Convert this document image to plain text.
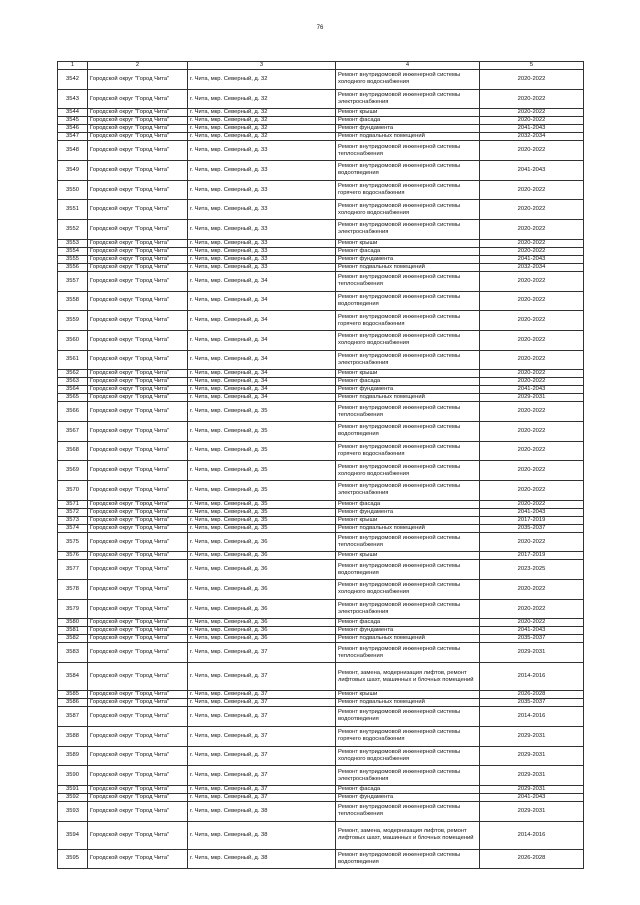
76
1	2	3	4	5
3542	Городской округ "Город Чита"	г. Чита, мкр. Северный, д. 32	Ремонт внутридомовой инженерной системы холодного водоснабжения	2020-2022
3543	Городской округ "Город Чита"	г. Чита, мкр. Северный, д. 32	Ремонт внутридомовой инженерной системы электроснабжения	2020-2022
3544	Городской округ "Город Чита"	г. Чита, мкр. Северный, д. 32	Ремонт крыши	2020-2022
3545	Городской округ "Город Чита"	г. Чита, мкр. Северный, д. 32	Ремонт фасада	2020-2022
3546	Городской округ "Город Чита"	г. Чита, мкр. Северный, д. 32	Ремонт фундамента	2041-2043
3547	Городской округ "Город Чита"	г. Чита, мкр. Северный, д. 32	Ремонт подвальных помещений	2032-2034
3548	Городской округ "Город Чита"	г. Чита, мкр. Северный, д. 33	Ремонт внутридомовой инженерной системы теплоснабжения	2020-2022
3549	Городской округ "Город Чита"	г. Чита, мкр. Северный, д. 33	Ремонт внутридомовой инженерной системы водоотведения	2041-2043
3550	Городской округ "Город Чита"	г. Чита, мкр. Северный, д. 33	Ремонт внутридомовой инженерной системы горячего водоснабжения	2020-2022
3551	Городской округ "Город Чита"	г. Чита, мкр. Северный, д. 33	Ремонт внутридомовой инженерной системы холодного водоснабжения	2020-2022
3552	Городской округ "Город Чита"	г. Чита, мкр. Северный, д. 33	Ремонт внутридомовой инженерной системы электроснабжения	2020-2022
3553	Городской округ "Город Чита"	г. Чита, мкр. Северный, д. 33	Ремонт крыши	2020-2022
3554	Городской округ "Город Чита"	г. Чита, мкр. Северный, д. 33	Ремонт фасада	2020-2022
3555	Городской округ "Город Чита"	г. Чита, мкр. Северный, д. 33	Ремонт фундамента	2041-2043
3556	Городской округ "Город Чита"	г. Чита, мкр. Северный, д. 33	Ремонт подвальных помещений	2032-2034
3557	Городской округ "Город Чита"	г. Чита, мкр. Северный, д. 34	Ремонт внутридомовой инженерной системы теплоснабжения	2020-2022
3558	Городской округ "Город Чита"	г. Чита, мкр. Северный, д. 34	Ремонт внутридомовой инженерной системы водоотведения	2020-2022
3559	Городской округ "Город Чита"	г. Чита, мкр. Северный, д. 34	Ремонт внутридомовой инженерной системы горячего водоснабжения	2020-2022
3560	Городской округ "Город Чита"	г. Чита, мкр. Северный, д. 34	Ремонт внутридомовой инженерной системы холодного водоснабжения	2020-2022
3561	Городской округ "Город Чита"	г. Чита, мкр. Северный, д. 34	Ремонт внутридомовой инженерной системы электроснабжения	2020-2022
3562	Городской округ "Город Чита"	г. Чита, мкр. Северный, д. 34	Ремонт крыши	2020-2022
3563	Городской округ "Город Чита"	г. Чита, мкр. Северный, д. 34	Ремонт фасада	2020-2022
3564	Городской округ "Город Чита"	г. Чита, мкр. Северный, д. 34	Ремонт фундамента	2041-2043
3565	Городской округ "Город Чита"	г. Чита, мкр. Северный, д. 34	Ремонт подвальных помещений	2029-2031
3566	Городской округ "Город Чита"	г. Чита, мкр. Северный, д. 35	Ремонт внутридомовой инженерной системы теплоснабжения	2020-2022
3567	Городской округ "Город Чита"	г. Чита, мкр. Северный, д. 35	Ремонт внутридомовой инженерной системы водоотведения	2020-2022
3568	Городской округ "Город Чита"	г. Чита, мкр. Северный, д. 35	Ремонт внутридомовой инженерной системы горячего водоснабжения	2020-2022
3569	Городской округ "Город Чита"	г. Чита, мкр. Северный, д. 35	Ремонт внутридомовой инженерной системы холодного водоснабжения	2020-2022
3570	Городской округ "Город Чита"	г. Чита, мкр. Северный, д. 35	Ремонт внутридомовой инженерной системы электроснабжения	2020-2022
3571	Городской округ "Город Чита"	г. Чита, мкр. Северный, д. 35	Ремонт фасада	2020-2022
3572	Городской округ "Город Чита"	г. Чита, мкр. Северный, д. 35	Ремонт фундамента	2041-2043
3573	Городской округ "Город Чита"	г. Чита, мкр. Северный, д. 35	Ремонт крыши	2017-2019
3574	Городской округ "Город Чита"	г. Чита, мкр. Северный, д. 35	Ремонт подвальных помещений	2035-2037
3575	Городской округ "Город Чита"	г. Чита, мкр. Северный, д. 36	Ремонт внутридомовой инженерной системы теплоснабжения	2020-2022
3576	Городской округ "Город Чита"	г. Чита, мкр. Северный, д. 36	Ремонт крыши	2017-2019
3577	Городской округ "Город Чита"	г. Чита, мкр. Северный, д. 36	Ремонт внутридомовой инженерной системы водоотведения	2023-2025
3578	Городской округ "Город Чита"	г. Чита, мкр. Северный, д. 36	Ремонт внутридомовой инженерной системы холодного водоснабжения	2020-2022
3579	Городской округ "Город Чита"	г. Чита, мкр. Северный, д. 36	Ремонт внутридомовой инженерной системы электроснабжения	2020-2022
3580	Городской округ "Город Чита"	г. Чита, мкр. Северный, д. 36	Ремонт фасада	2020-2022
3581	Городской округ "Город Чита"	г. Чита, мкр. Северный, д. 36	Ремонт фундамента	2041-2043
3582	Городской округ "Город Чита"	г. Чита, мкр. Северный, д. 36	Ремонт подвальных помещений	2035-2037
3583	Городской округ "Город Чита"	г. Чита, мкр. Северный, д. 37	Ремонт внутридомовой инженерной системы теплоснабжения	2029-2031
3584	Городской округ "Город Чита"	г. Чита, мкр. Северный, д. 37	Ремонт, замена, модернизация лифтов, ремонт лифтовых шахт, машинных и блочных помещений	2014-2016
3585	Городской округ "Город Чита"	г. Чита, мкр. Северный, д. 37	Ремонт крыши	2026-2028
3586	Городской округ "Город Чита"	г. Чита, мкр. Северный, д. 37	Ремонт подвальных помещений	2035-2037
3587	Городской округ "Город Чита"	г. Чита, мкр. Северный, д. 37	Ремонт внутридомовой инженерной системы водоотведения	2014-2016
3588	Городской округ "Город Чита"	г. Чита, мкр. Северный, д. 37	Ремонт внутридомовой инженерной системы горячего водоснабжения	2029-2031
3589	Городской округ "Город Чита"	г. Чита, мкр. Северный, д. 37	Ремонт внутридомовой инженерной системы холодного водоснабжения	2029-2031
3590	Городской округ "Город Чита"	г. Чита, мкр. Северный, д. 37	Ремонт внутридомовой инженерной системы электроснабжения	2029-2031
3591	Городской округ "Город Чита"	г. Чита, мкр. Северный, д. 37	Ремонт фасада	2029-2031
3592	Городской округ "Город Чита"	г. Чита, мкр. Северный, д. 37	Ремонт фундамента	2041-2043
3593	Городской округ "Город Чита"	г. Чита, мкр. Северный, д. 38	Ремонт внутридомовой инженерной системы теплоснабжения	2029-2031
3594	Городской округ "Город Чита"	г. Чита, мкр. Северный, д. 38	Ремонт, замена, модернизация лифтов, ремонт лифтовых шахт, машинных и блочных помещений	2014-2016
3595	Городской округ "Город Чита"	г. Чита, мкр. Северный, д. 38	Ремонт внутридомовой инженерной системы водоотведения	2026-2028
